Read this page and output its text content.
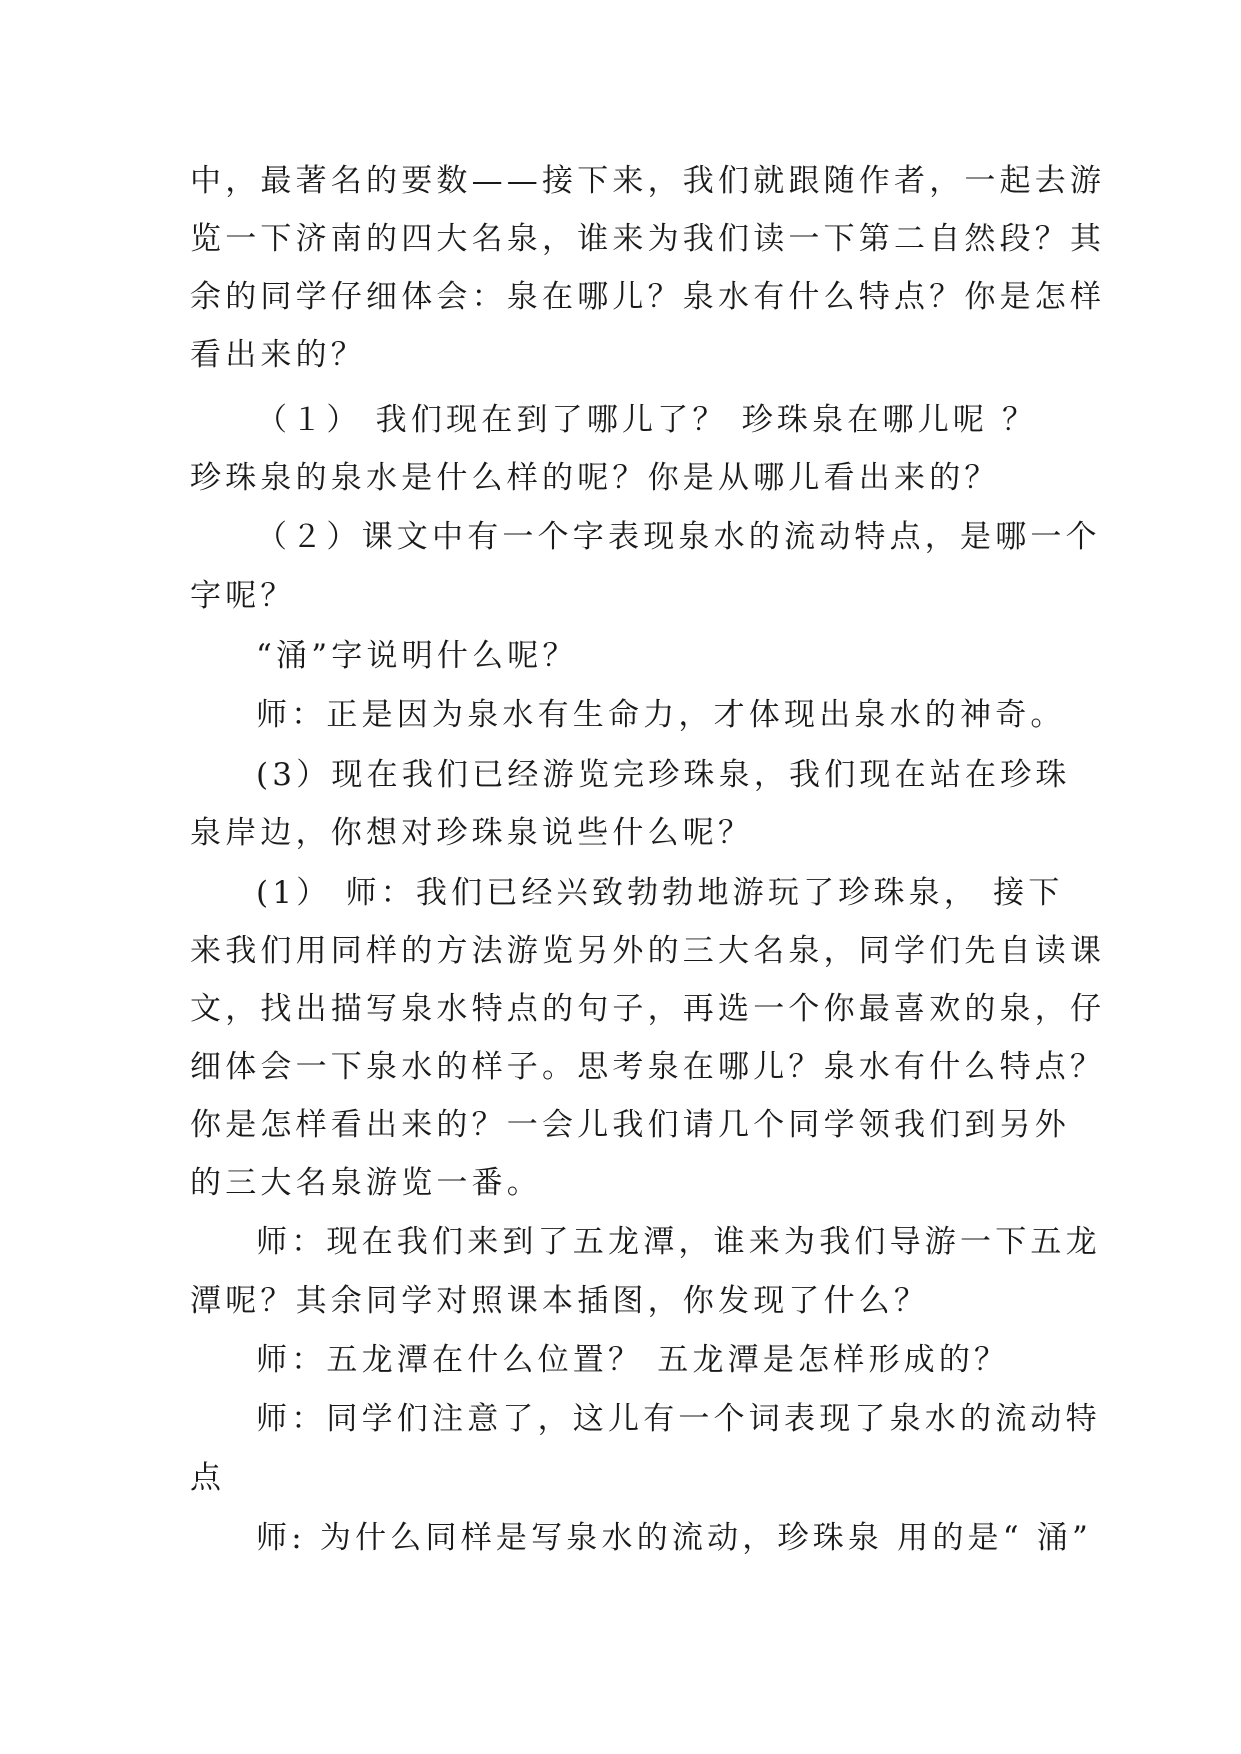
中，最著名的要数——接下来，我们就跟随作者，一起去游
览一下济南的四大名泉，谁来为我们读一下第二自然段？其
余的同学仔细体会：泉在哪儿？泉水有什么特点？你是怎样
看出来的？
（１） 我们现在到了哪儿了？ 珍珠泉在哪儿呢 ？
珍珠泉的泉水是什么样的呢？你是从哪儿看出来的？
（２）课文中有一个字表现泉水的流动特点，是哪一个
字呢？
“涌”字说明什么呢？
师：正是因为泉水有生命力，才体现出泉水的神奇。
(3）现在我们已经游览完珍珠泉，我们现在站在珍珠
泉岸边，你想对珍珠泉说些什么呢？
(1） 师：我们已经兴致勃勃地游玩了珍珠泉， 接下
来我们用同样的方法游览另外的三大名泉，同学们先自读课
文，找出描写泉水特点的句子，再选一个你最喜欢的泉，仔
细体会一下泉水的样子。思考泉在哪儿？泉水有什么特点？
你是怎样看出来的？一会儿我们请几个同学领我们到另外
的三大名泉游览一番。
师：现在我们来到了五龙潭，谁来为我们导游一下五龙
潭呢？其余同学对照课本插图，你发现了什么？
师：五龙潭在什么位置？ 五龙潭是怎样形成的？
师：同学们注意了，这儿有一个词表现了泉水的流动特
点
师: 为什么同样是写泉水的流动，珍珠泉 用的是“ 涌”
